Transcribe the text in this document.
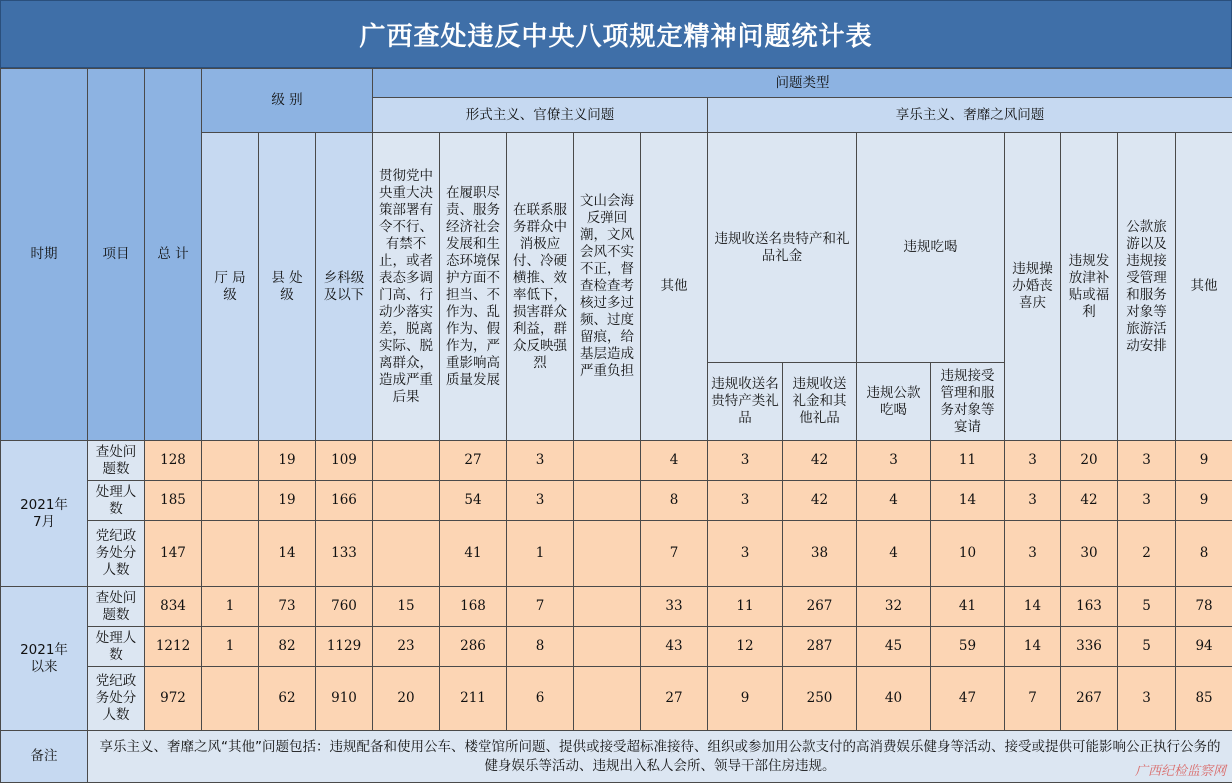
广西查处违反中央八项规定精神问题统计表
时期	项目	总 计	级 别			问题类型												
						形式主义、官僚主义问题					享乐主义、奢靡之风问题							
			厅 局
级	县 处
级	乡科级
及以下	贯彻党中央重大决策部署有令不行、有禁不止，或者表态多调门高、行动少落实差，脱离实际、脱离群众，造成严重后果	在履职尽责、服务经济社会发展和生态环境保护方面不担当、不作为、乱作为、假作为，严重影响高质量发展	在联系服务群众中消极应付、冷硬横推、效率低下，损害群众利益，群众反映强烈	文山会海反弹回潮，文风会风不实不正，督查检查考核过多过频、过度留痕，给基层造成严重负担	其他	违规收送名贵特产和礼品礼金		违规吃喝		违规操办婚丧喜庆	违规发放津补贴或福利	公款旅游以及违规接受管理和服务对象等旅游活动安排	其他
											违规收送名贵特产类礼品	违规收送礼金和其他礼品	违规公款吃喝	违规接受管理和服务对象等宴请				
2021年
7月	查处问
题数	128		19	109		27	3		4	3	42	3	11	3	20	3	9
	处理人
数	185		19	166		54	3		8	3	42	4	14	3	42	3	9
	党纪政
务处分
人数	147		14	133		41	1		7	3	38	4	10	3	30	2	8
2021年
以来	查处问
题数	834	1	73	760	15	168	7		33	11	267	32	41	14	163	5	78
	处理人
数	1212	1	82	1129	23	286	8		43	12	287	45	59	14	336	5	94
	党纪政
务处分
人数	972		62	910	20	211	6		27	9	250	40	47	7	267	3	85
备注	享乐主义、奢靡之风“其他”问题包括：违规配备和使用公车、楼堂馆所问题、提供或接受超标准接待、组织或参加用公款支付的高消费娱乐健身等活动、接受或提供可能影响公正执行公务的健身娱乐等活动、违规出入私人会所、领导干部住房违规。																		广西纪检监察网
